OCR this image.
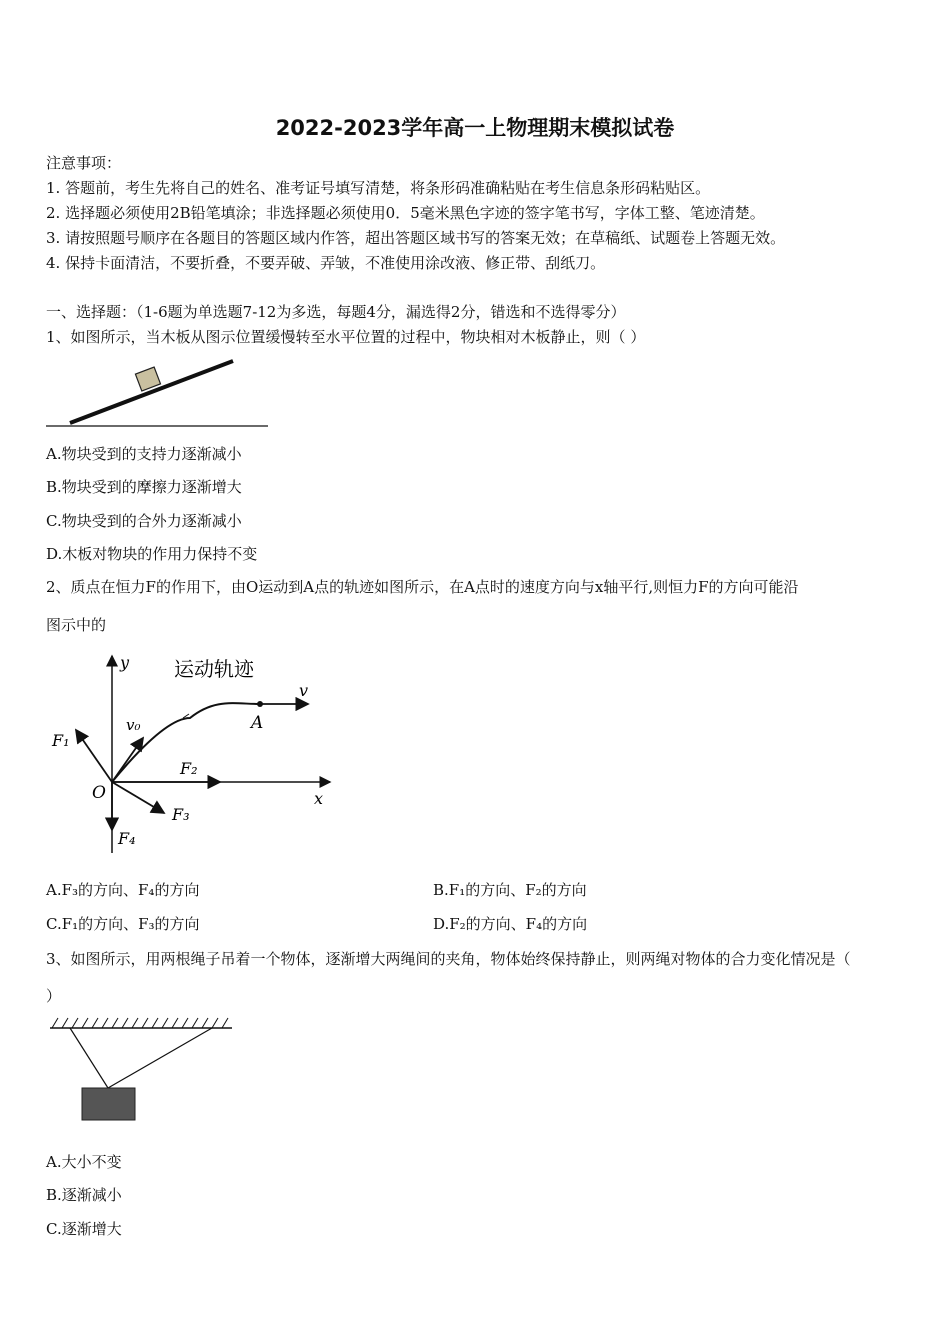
2022-2023学年高一上物理期末模拟试卷
注意事项：
1. 答题前，考生先将自己的姓名、准考证号填写清楚，将条形码准确粘贴在考生信息条形码粘贴区。
2. 选择题必须使用2B铅笔填涂；非选择题必须使用0．5毫米黑色字迹的签字笔书写，字体工整、笔迹清楚。
3. 请按照题号顺序在各题目的答题区域内作答，超出答题区域书写的答案无效；在草稿纸、试题卷上答题无效。
4. 保持卡面清洁，不要折叠，不要弄破、弄皱，不准使用涂改液、修正带、刮纸刀。
一、选择题：（1-6题为单选题7-12为多选，每题4分，漏选得2分，错选和不选得零分）
1、如图所示，当木板从图示位置缓慢转至水平位置的过程中，物块相对木板静止，则（ ）
A.物块受到的支持力逐渐减小
B.物块受到的摩擦力逐渐增大
C.物块受到的合外力逐渐减小
D.木板对物块的作用力保持不变
2、质点在恒力F的作用下，由O运动到A点的轨迹如图所示，在A点时的速度方向与x轴平行,则恒力F的方向可能沿
图示中的
运动轨迹
y
x
v
v₀	A
O
F₁
F₂
F₃
F₄
A.F₃的方向、F₄的方向	B.F₁的方向、F₂的方向
C.F₁的方向、F₃的方向	D.F₂的方向、F₄的方向
3、如图所示，用两根绳子吊着一个物体，逐渐增大两绳间的夹角，物体始终保持静止，则两绳对物体的合力变化情况是（
）
A.大小不变
B.逐渐减小
C.逐渐增大
